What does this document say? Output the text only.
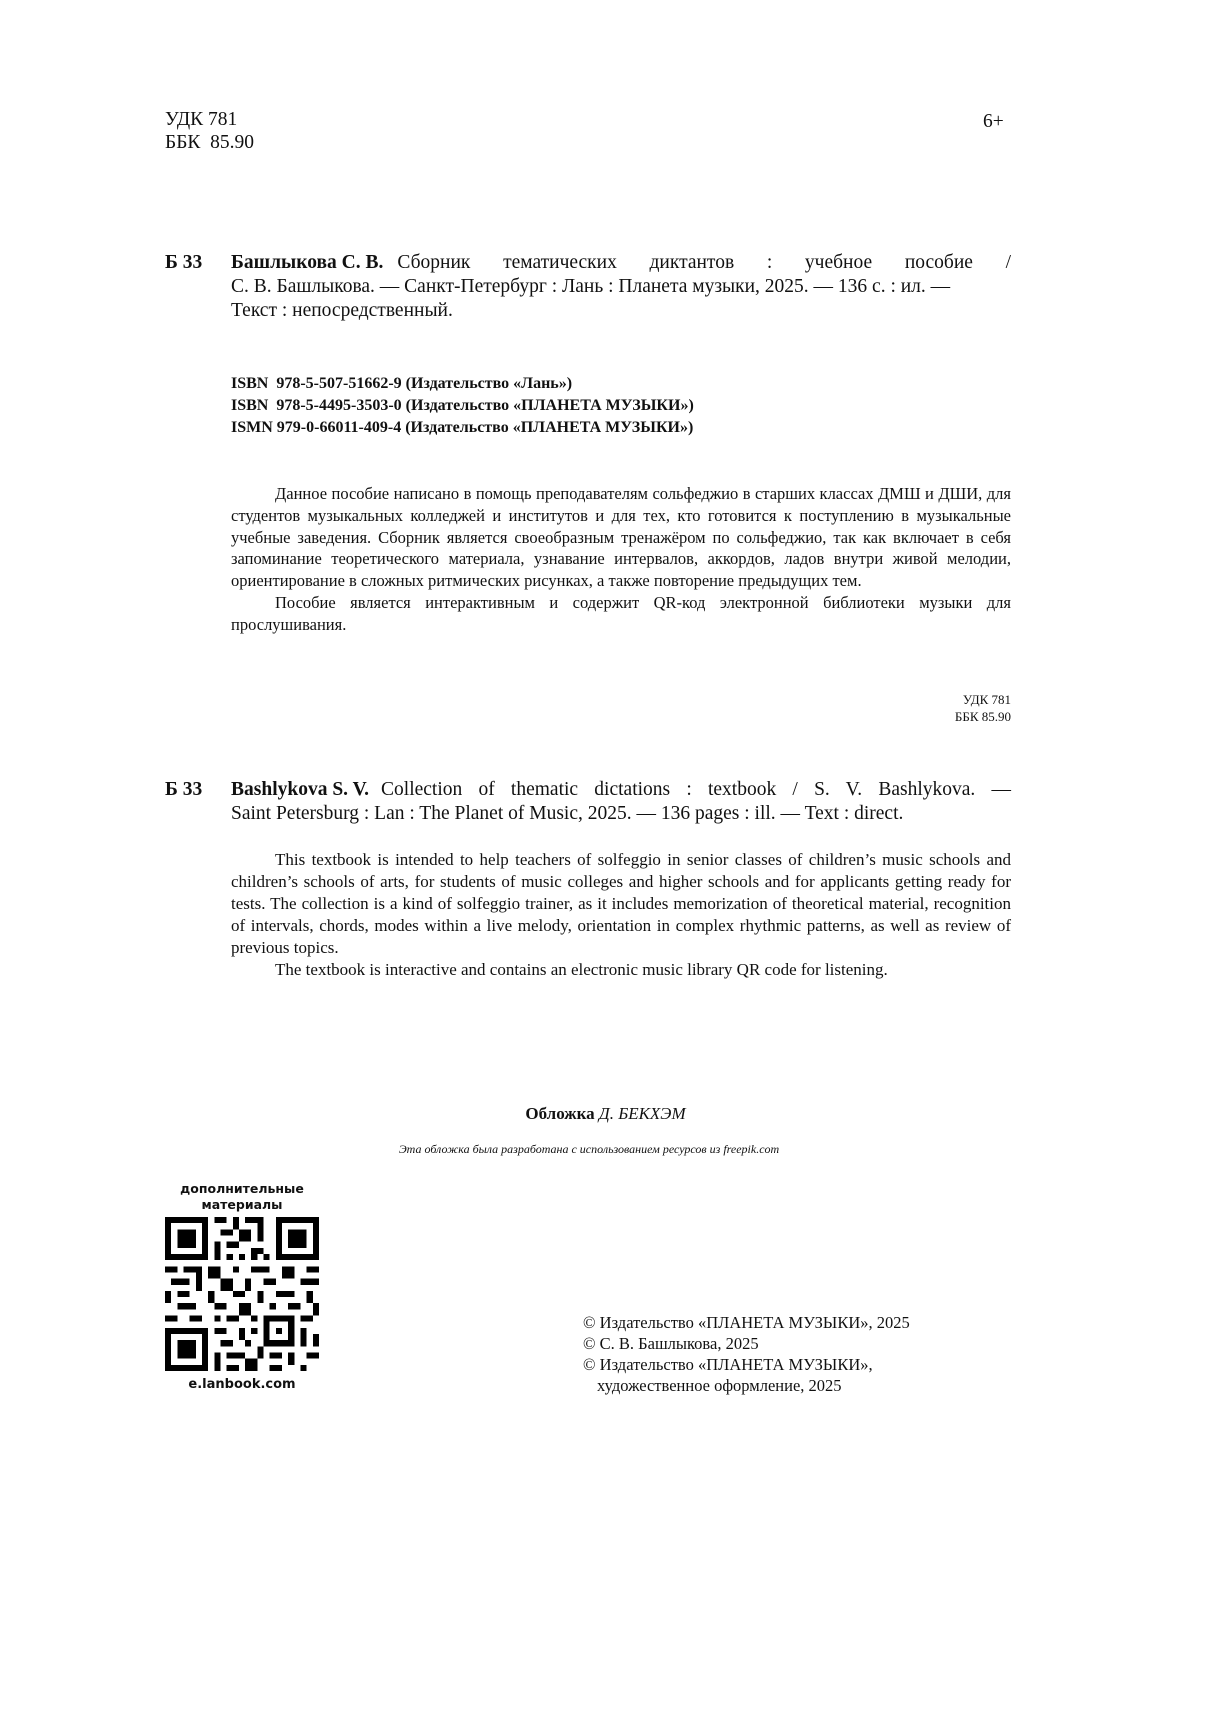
УДК 781
ББК  85.90
6+
Б 33 Башлыкова С. В. Сборник тематических диктантов : учебное пособие /
С. В. Башлыкова. — Санкт-Петербург : Лань : Планета музыки, 2025. — 136 с. : ил. —
Текст : непосредственный.
ISBN  978-5-507-51662-9 (Издательство «Лань»)
ISBN  978-5-4495-3503-0 (Издательство «ПЛАНЕТА МУЗЫКИ»)
ISMN 979-0-66011-409-4 (Издательство «ПЛАНЕТА МУЗЫКИ»)

Данное пособие написано в помощь преподавателям сольфеджио в старших классах ДМШ и ДШИ, для студентов музыкальных колледжей и институтов и для тех, кто готовится к поступлению в музыкальные учебные заведения. Сборник является своеобразным тренажёром по сольфеджио, так как включает в себя запоминание теоретического материала, узнавание интервалов, аккордов, ладов внутри живой мелодии, ориентирование в сложных ритмических рисунках, а также повторение предыдущих тем.

Пособие является интерактивным и содержит QR-код электронной библиотеки музыки для прослушивания.

УДК 781
ББК 85.90
Б 33 Bashlykova S. V. Collection of thematic dictations : textbook / S. V. Bashlykova. —
Saint Petersburg : Lan : The Planet of Music, 2025. — 136 pages : ill. — Text : direct.

This textbook is intended to help teachers of solfeggio in senior classes of children’s music schools and children’s schools of arts, for students of music colleges and higher schools and for applicants getting ready for tests. The collection is a kind of solfeggio trainer, as it includes memorization of theoretical material, recognition of intervals, chords, modes within a live melody, orientation in complex rhythmic patterns, as well as review of previous topics.

The textbook is interactive and contains an electronic music library QR code for listening.

Обложка Д. БЕКХЭМ
Эта обложка была разработана с использованием ресурсов из freepik.com
дополнительные
материалы
e.lanbook.com
© Издательство «ПЛАНЕТА МУЗЫКИ», 2025
© С. В. Башлыкова, 2025
© Издательство «ПЛАНЕТА МУЗЫКИ»,
художественное оформление, 2025
